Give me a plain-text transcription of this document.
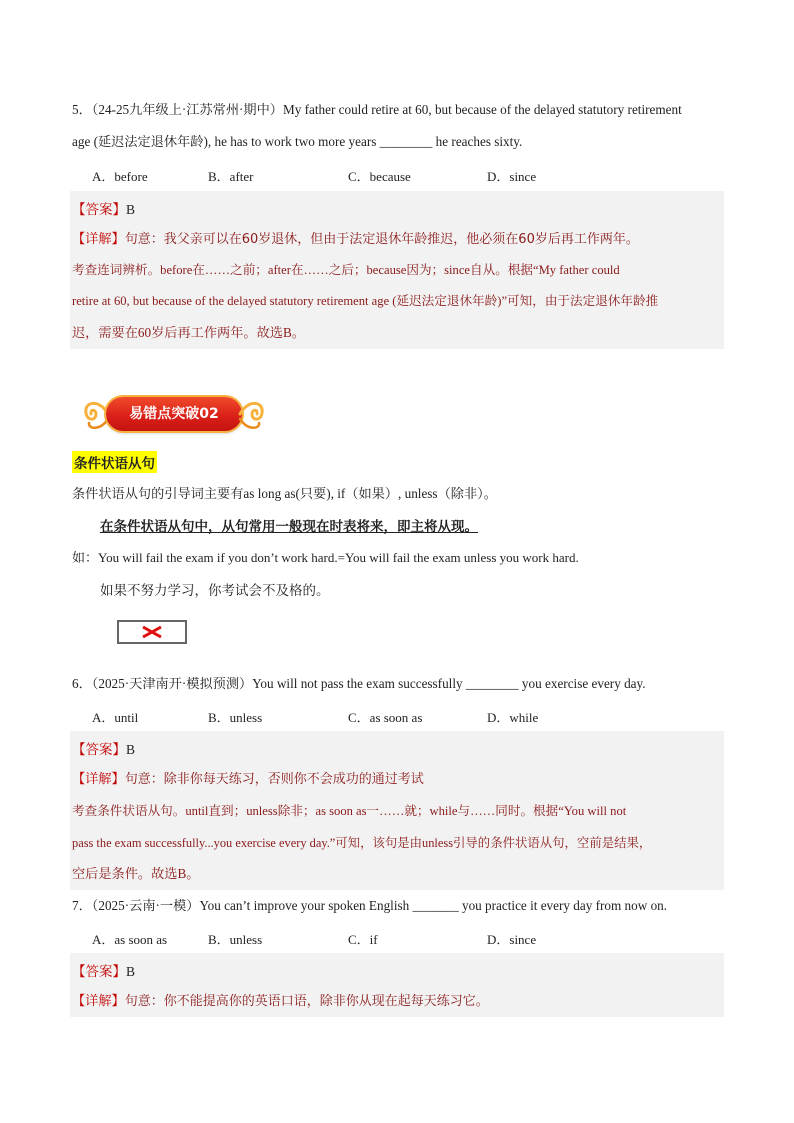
5．（24-25九年级上·江苏常州·期中）My father could retire at 60, but because of the delayed statutory retirement
age (延迟法定退休年龄), he has to work two more years ________ he reaches sixty.
A．before	B．after	C．because	D．since
【答案】B
【详解】句意：我父亲可以在60岁退休，但由于法定退休年龄推迟，他必须在60岁后再工作两年。
考查连词辨析。before在……之前；after在……之后；because因为；since自从。根据“My father could
retire at 60, but because of the delayed statutory retirement age (延迟法定退休年龄)”可知，由于法定退休年龄推
迟，需要在60岁后再工作两年。故选B。
易错点突破02
条件状语从句
条件状语从句的引导词主要有as long as(只要), if（如果）, unless（除非）。
在条件状语从句中，从句常用一般现在时表将来，即主将从现。
如：You will fail the exam if you don’t work hard.=You will fail the exam unless you work hard.
如果不努力学习，你考试会不及格的。
6．（2025·天津南开·模拟预测）You will not pass the exam successfully ________ you exercise every day.
A．until	B．unless	C．as soon as	D．while
【答案】B
【详解】句意：除非你每天练习，否则你不会成功的通过考试
考查条件状语从句。until直到；unless除非；as soon as一……就；while与……同时。根据“You will not
pass the exam successfully...you exercise every day.”可知，该句是由unless引导的条件状语从句，空前是结果，
空后是条件。故选B。
7．（2025·云南·一模）You can’t improve your spoken English _______ you practice it every day from now on.
A．as soon as	B．unless	C．if	D．since
【答案】B
【详解】句意：你不能提高你的英语口语，除非你从现在起每天练习它。
